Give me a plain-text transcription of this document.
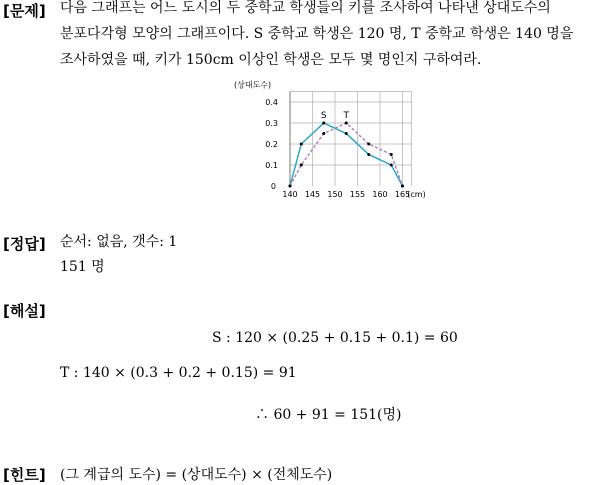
[문제] 다음 그래프는 어느 도시의 두 중학교 학생들의 키를 조사하여 나타낸 상대도수의
분포다각형 모양의 그래프이다. S 중학교 학생은 120 명, T 중학교 학생은 140 명을
조사하였을 때, 키가 150cm 이상인 학생은 모두 몇 명인지 구하여라.
0.1
0.2
0.3
0.4
0
(상대도수)
140 145 150 155 160 165
(cm)
S T
[정답] 순서: 없음, 갯수: 1
151 명
[해설]
S : 120 × (0.25 + 0.15 + 0.1) = 60
T : 140 × (0.3 + 0.2 + 0.15) = 91
∴ 60 + 91 = 151(명)
[힌트] (그 계급의 도수) = (상대도수) × (전체도수)
